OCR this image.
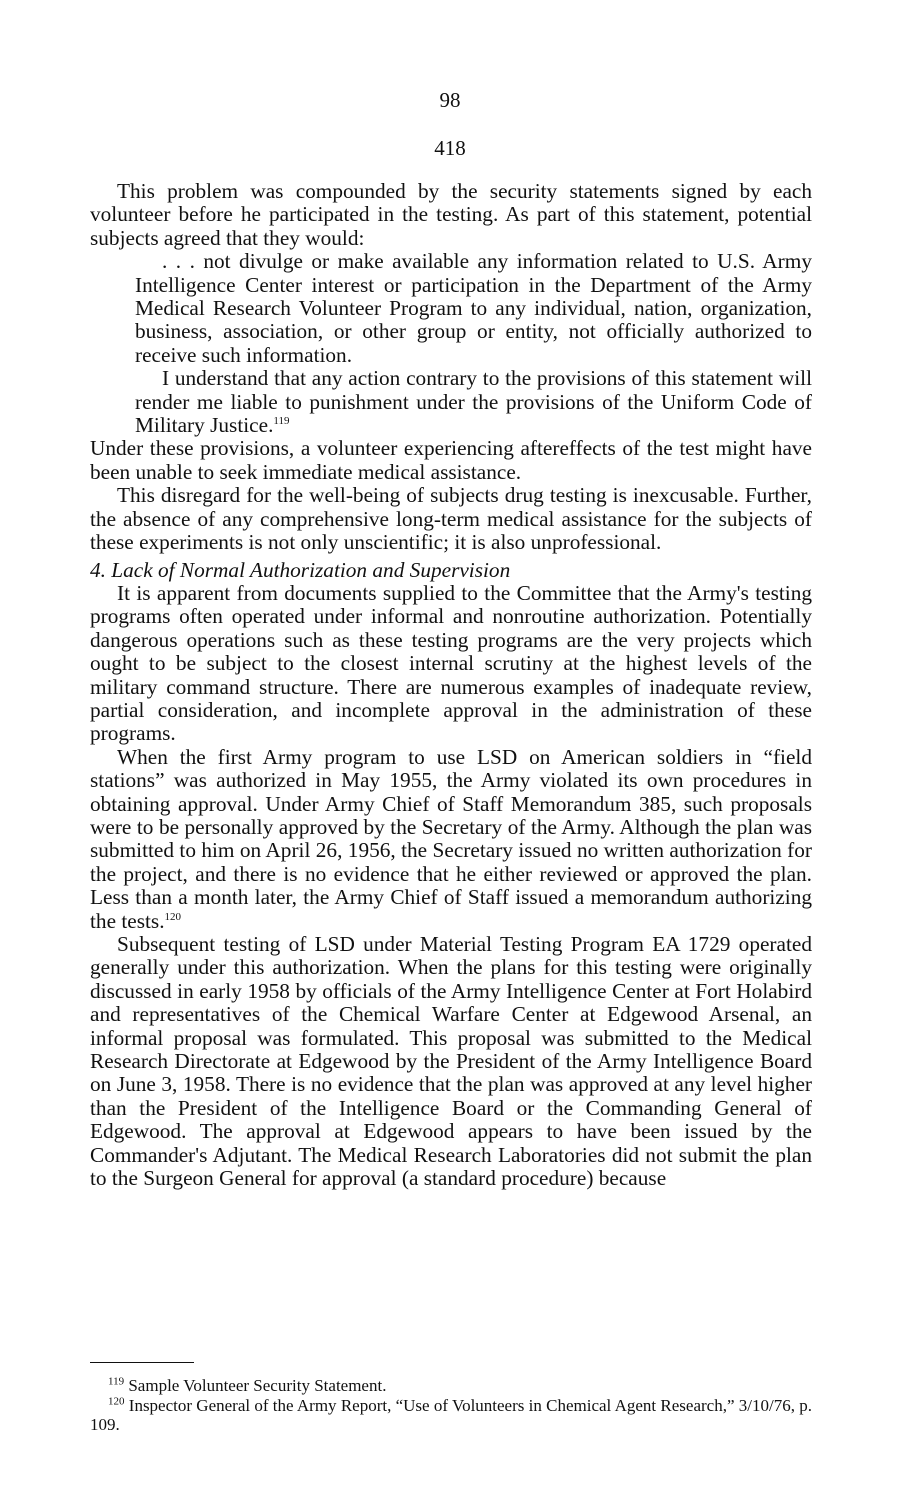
98
418

This problem was compounded by the security statements signed by each volunteer before he participated in the testing. As part of this statement, potential subjects agreed that they would:

. . . not divulge or make available any information related to U.S. Army Intelligence Center interest or participation in the Department of the Army Medical Research Volunteer Program to any individual, nation, organization, business, association, or other group or entity, not officially authorized to receive such information.

I understand that any action contrary to the provisions of this statement will render me liable to punishment under the provisions of the Uniform Code of Military Justice.$^{119}$

Under these provisions, a volunteer experiencing aftereffects of the test might have been unable to seek immediate medical assistance.

This disregard for the well-being of subjects drug testing is inexcusable. Further, the absence of any comprehensive long-term medical assistance for the subjects of these experiments is not only unscientific; it is also unprofessional.

4. Lack of Normal Authorization and Supervision

It is apparent from documents supplied to the Committee that the Army's testing programs often operated under informal and nonroutine authorization. Potentially dangerous operations such as these testing programs are the very projects which ought to be subject to the closest internal scrutiny at the highest levels of the military command structure. There are numerous examples of inadequate review, partial consideration, and incomplete approval in the administration of these programs.

When the first Army program to use LSD on American soldiers in “field stations” was authorized in May 1955, the Army violated its own procedures in obtaining approval. Under Army Chief of Staff Memorandum 385, such proposals were to be personally approved by the Secretary of the Army. Although the plan was submitted to him on April 26, 1956, the Secretary issued no written authorization for the project, and there is no evidence that he either reviewed or approved the plan. Less than a month later, the Army Chief of Staff issued a memorandum authorizing the tests.$^{120}$

Subsequent testing of LSD under Material Testing Program EA 1729 operated generally under this authorization. When the plans for this testing were originally discussed in early 1958 by officials of the Army Intelligence Center at Fort Holabird and representatives of the Chemical Warfare Center at Edgewood Arsenal, an informal proposal was formulated. This proposal was submitted to the Medical Research Directorate at Edgewood by the President of the Army Intelligence Board on June 3, 1958. There is no evidence that the plan was approved at any level higher than the President of the Intelligence Board or the Commanding General of Edgewood. The approval at Edgewood appears to have been issued by the Commander's Adjutant. The Medical Research Laboratories did not submit the plan to the Surgeon General for approval (a standard procedure) because

$^{119}$ Sample Volunteer Security Statement.

$^{120}$ Inspector General of the Army Report, “Use of Volunteers in Chemical Agent Research,” 3/10/76, p. 109.
